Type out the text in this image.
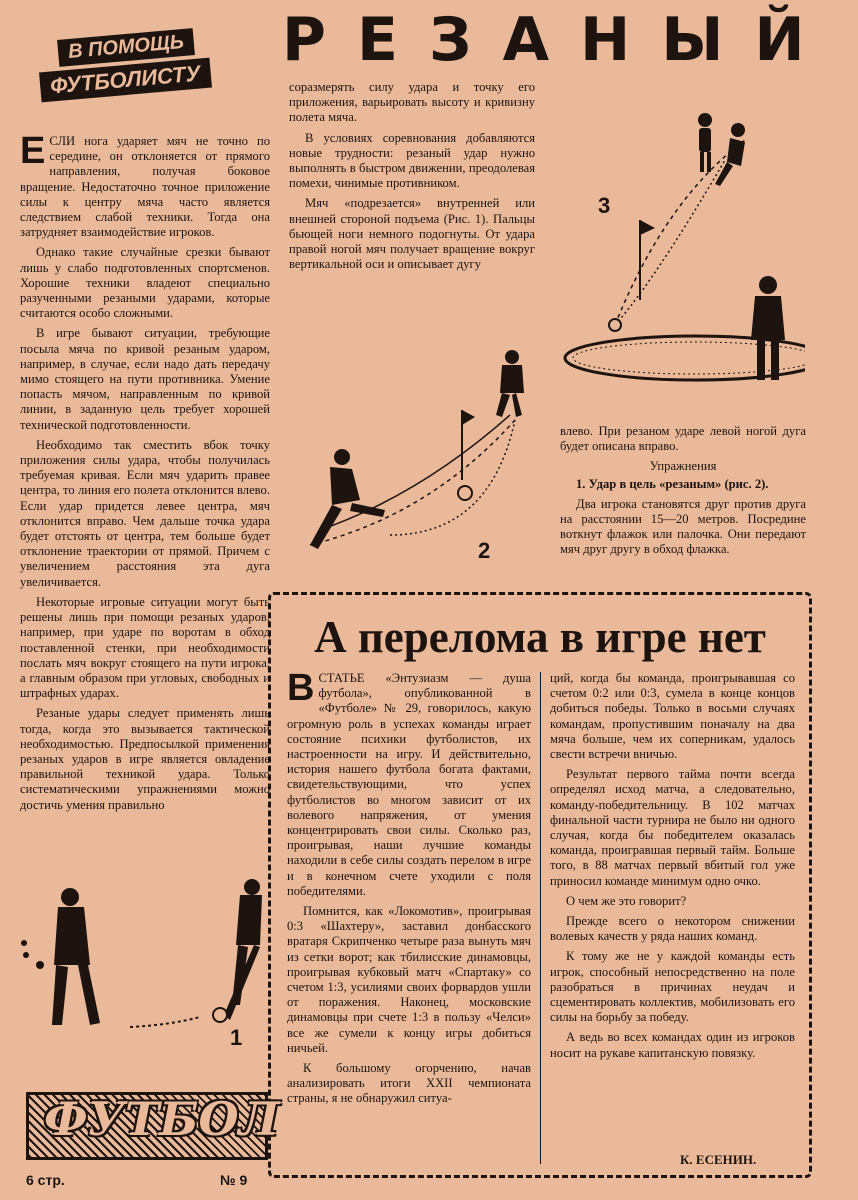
В ПОМОЩЬ
ФУТБОЛИСТУ
РЕЗАНЫЙ

ЕСЛИ нога ударяет мяч не точно по середине, он отклоняется от прямого направления, получая боковое вращение. Недостаточно точное приложение силы к центру мяча часто является следствием слабой техники. Тогда она затрудняет взаимодействие игроков.

Однако такие случайные срезки бывают лишь у слабо подготовленных спортсменов. Хорошие техники владеют специально разученными резаными ударами, которые считаются особо сложными.

В игре бывают ситуации, требующие посыла мяча по кривой резаным ударом, например, в случае, если надо дать передачу мимо стоящего на пути противника. Умение попасть мячом, направленным по кривой линии, в заданную цель требует хорошей технической подготовленности.

Необходимо так сместить вбок точку приложения силы удара, чтобы получилась требуемая кривая. Если мяч ударить правее центра, то линия его полета отклонится влево. Если удар придется левее центра, мяч отклонится вправо. Чем дальше точка удара будет отстоять от центра, тем больше будет отклонение траектории от прямой. Причем с увеличением расстояния эта дуга увеличивается.

Некоторые игровые ситуации могут быть решены лишь при помощи резаных ударов, например, при ударе по воротам в обход поставленной стенки, при необходимости послать мяч вокруг стоящего на пути игрока, а главным образом при угловых, свободных и штрафных ударах.

Резаные удары следует применять лишь тогда, когда это вызывается тактической необходимостью. Предпосылкой применения резаных ударов в игре является овладение правильной техникой удара. Только систематическими упражнениями можно достичь умения правильно

соразмерять силу удара и точку его приложения, варьировать высоту и кривизну полета мяча.

В условиях соревнования добавляются новые трудности: резаный удар нужно выполнять в быстром движении, преодолевая помехи, чинимые противником.

Мяч «подрезается» внутренней или внешней стороной подъема (Рис. 1). Пальцы бьющей ноги немного подогнуты. От удара правой ногой мяч получает вращение вокруг вертикальной оси и описывает дугу

3
2

влево. При резаном ударе левой ногой дуга будет описана вправо.

Упражнения

1. Удар в цель «резаным» (рис. 2).

Два игрока становятся друг против друга на расстоянии 15—20 метров. Посредине воткнут флажок или палочка. Они передают мяч друг другу в обход флажка.

1
А перелома в игре нет

ВСТАТЬЕ «Энтузиазм — душа футбола», опубликованной в «Футболе» № 29, говорилось, какую огромную роль в успехах команды играет состояние психики футболистов, их настроенности на игру. И действительно, история нашего футбола богата фактами, свидетельствующими, что успех футболистов во многом зависит от их волевого напряжения, от умения концентрировать свои силы. Сколько раз, проигрывая, наши лучшие команды находили в себе силы создать перелом в игре и в конечном счете уходили с поля победителями.

Помнится, как «Локомотив», проигрывая 0:3 «Шахтеру», заставил донбасского вратаря Скрипченко четыре раза вынуть мяч из сетки ворот; как тбилисские динамовцы, проигрывая кубковый матч «Спартаку» со счетом 1:3, усилиями своих форвардов ушли от поражения. Наконец, московские динамовцы при счете 1:3 в пользу «Челси» все же сумели к концу игры добиться ничьей.

К большому огорчению, начав анализировать итоги XXII чемпионата страны, я не обнаружил ситуа-

ций, когда бы команда, проигрывавшая со счетом 0:2 или 0:3, сумела в конце концов добиться победы. Только в восьми случаях командам, пропустившим поначалу на два мяча больше, чем их соперникам, удалось свести встречи вничью.

Результат первого тайма почти всегда определял исход матча, а следовательно, команду-победительницу. В 102 матчах финальной части турнира не было ни одного случая, когда бы победителем оказалась команда, проигравшая первый тайм. Больше того, в 88 матчах первый вбитый гол уже приносил команде минимум одно очко.

О чем же это говорит?

Прежде всего о некотором снижении волевых качеств у ряда наших команд.

К тому же не у каждой команды есть игрок, способный непосредственно на поле разобраться в причинах неудач и сцементировать коллектив, мобилизовать его силы на борьбу за победу.

А ведь во всех командах один из игроков носит на рукаве капитанскую повязку.

К. ЕСЕНИН.
ФУТБОЛ
6 стр.	№ 9
